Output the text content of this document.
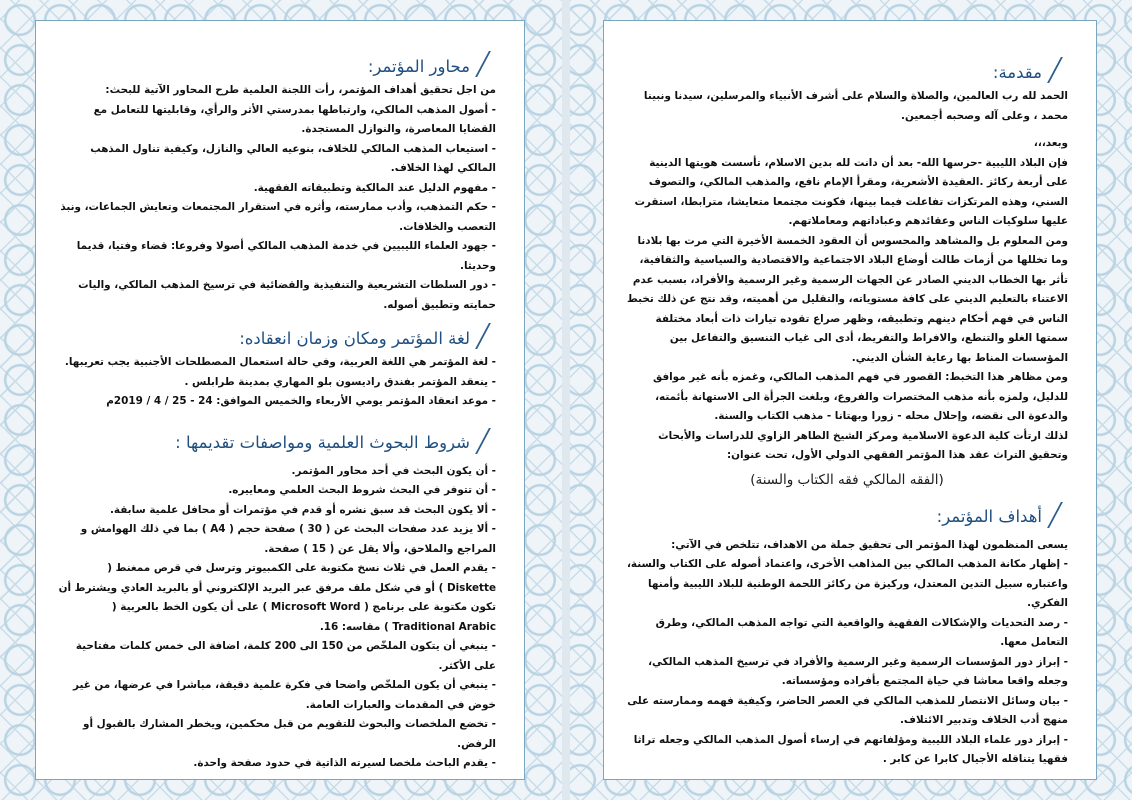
محاور المؤتمر:

من اجل تحقيق أهداف المؤتمر، رأت اللجنة العلمية طرح المحاور الآتية للبحث:

- أصول المذهب المالكي، وارتباطها بمدرستي الأثر والرأي، وقابليتها للتعامل مع القضايا المعاصرة، والنوازل المستجدة.

- استيعاب المذهب المالكي للخلاف، بنوعيه العالي والنازل، وكيفية تناول المذهب المالكي لهذا الخلاف.

- مفهوم الدليل عند المالكية وتطبيقاته الفقهية.

- حكم التمذهب، وأدب ممارسته، وأثره في استقرار المجتمعات وتعايش الجماعات، ونبذ التعصب والخلافات.

- جهود العلماء الليبيين في خدمة المذهب المالكي أصولا وفروعا: قضاء وفتيا، قديما وحديثا.

- دور السلطات التشريعية والتنفيذية والقضائية في ترسيخ المذهب المالكي، واليات حمايته وتطبيق أصوله.

لغة المؤتمر ومكان وزمان انعقاده:

- لغة المؤتمر هي اللغة العربية، وفي حالة استعمال المصطلحات الأجنبية يجب تعريبها.

- ينعقد المؤتمر بفندق راديسون بلو المهاري بمدينة طرابلس .

- موعد انعقاد المؤتمر يومي الأربعاء والخميس الموافق: 24 - 25 / 4 / 2019م

شروط البحوث العلمية ومواصفات تقديمها :

- أن يكون البحث في أحد محاور المؤتمر.

- أن تتوفر في البحث شروط البحث العلمي ومعاييره.

- ألا يكون البحث قد سبق نشره أو قدم في مؤتمرات أو محافل علمية سابقة.

- ألا يزيد عدد صفحات البحث عن ( 30 ) صفحة حجم ( A4 ) بما في ذلك الهوامش و المراجع والملاحق، وألا يقل عن ( 15 ) صفحة.

- يقدم العمل في ثلاث نسخ مكتوبة على الكمبيوتر وترسل في قرص ممغنط ( Diskette ) أو في شكل ملف مرفق عبر البريد الإلكتروني أو بالبريد العادي ويشترط أن تكون مكتوبة على برنامج ( Microsoft Word ) على أن يكون الخط بالعربية ( Traditional Arabic ) مقاسه: 16.

- ينبغي أن يتكون الملخّص من 150 الى 200 كلمة، اضافة الى خمس كلمات مفتاحية على الأكثر.

- ينبغي أن يكون الملخّص واضحا في فكرة علمية دقيقة، مباشرا في عرضها، من غير خوض في المقدمات والعبارات العامة.

- تخضع الملخصات والبحوث للتقويم من قبل محكمين، ويخطر المشارك بالقبول أو الرفض.

- يقدم الباحث ملخصا لسيرته الذاتية في حدود صفحة واحدة.

مقدمة:

الحمد لله رب العالمين، والصلاة والسلام على أشرف الأنبياء والمرسلين، سيدنا ونبينا محمد ، وعلى آله وصحبه أجمعين.

وبعد،،،

فإن البلاد الليبية -حرسها الله- بعد أن دانت لله بدين الاسلام، تأسست هويتها الدينية على أربعة ركائز .العقيدة الأشعرية، ومقرأ الإمام نافع، والمذهب المالكي، والتصوف السني، وهذه المرتكزات تفاعلت فيما بينها، فكونت مجتمعا متعايشا، مترابطا، استقرت عليها سلوكيات الناس وعقائدهم وعباداتهم ومعاملاتهم.

ومن المعلوم بل والمشاهد والمحسوس أن العقود الخمسة الأخيرة التي مرت بها بلادنا وما تخللها من أزمات طالت أوضاع البلاد الاجتماعية والاقتصادية والسياسية والثقافية، تأثر بها الخطاب الديني الصادر عن الجهات الرسمية وغير الرسمية والأفراد، بسبب عدم الاعتناء بالتعليم الديني على كافة مستوياته، والتقليل من أهميته، وقد نتج عن ذلك تخبط الناس في فهم أحكام دينهم وتطبيقه، وظهر صراع تقوده تيارات ذات أبعاد مختلفة سمتها الغلو والتنطع، والافراط والتفريط، أدى الى غياب التنسيق والتفاعل بين المؤسسات المناط بها رعاية الشأن الديني.

ومن مظاهر هذا التخبط: القصور في فهم المذهب المالكي، وغمزه بأنه غير موافق للدليل، ولمزه بأنه مذهب المختصرات والفروع، وبلغت الجرأة الى الاستهانة بأئمته، والدعوة الى نقضه، وإحلال محله - زورا وبهتانا - مذهب الكتاب والسنة.

لذلك ارتأت كلية الدعوة الاسلامية ومركز الشيخ الطاهر الزاوي للدراسات والأبحاث وتحقيق التراث عقد هذا المؤتمر الفقهي الدولي الأول، تحت عنوان:

(الفقه المالكي فقه الكتاب والسنة)

أهداف المؤتمر:

يسعى المنظمون لهذا المؤتمر الى تحقيق جملة من الاهداف، تتلخص في الآتي:

- إظهار مكانة المذهب المالكي بين المذاهب الأخرى، واعتماد أصوله على الكتاب والسنة، واعتباره سبيل التدين المعتدل، وركيزة من ركائز اللحمة الوطنية للبلاد الليبية وأمنها الفكري.

- رصد التحديات والإشكالات الفقهية والواقعية التي تواجه المذهب المالكي، وطرق التعامل معها.

- إبراز دور المؤسسات الرسمية وغير الرسمية والأفراد في ترسيخ المذهب المالكي، وجعله واقعا معاشا في حياة المجتمع بأفراده ومؤسساته.

- بيان وسائل الانتصار للمذهب المالكي في العصر الحاضر، وكيفية فهمه وممارسته على منهج أدب الخلاف وتدبير الائتلاف.

- إبراز دور علماء البلاد الليبية ومؤلفاتهم في إرساء أصول المذهب المالكي وجعله تراثا فقهيا يتناقله الأجيال كابرا عن كابر .
